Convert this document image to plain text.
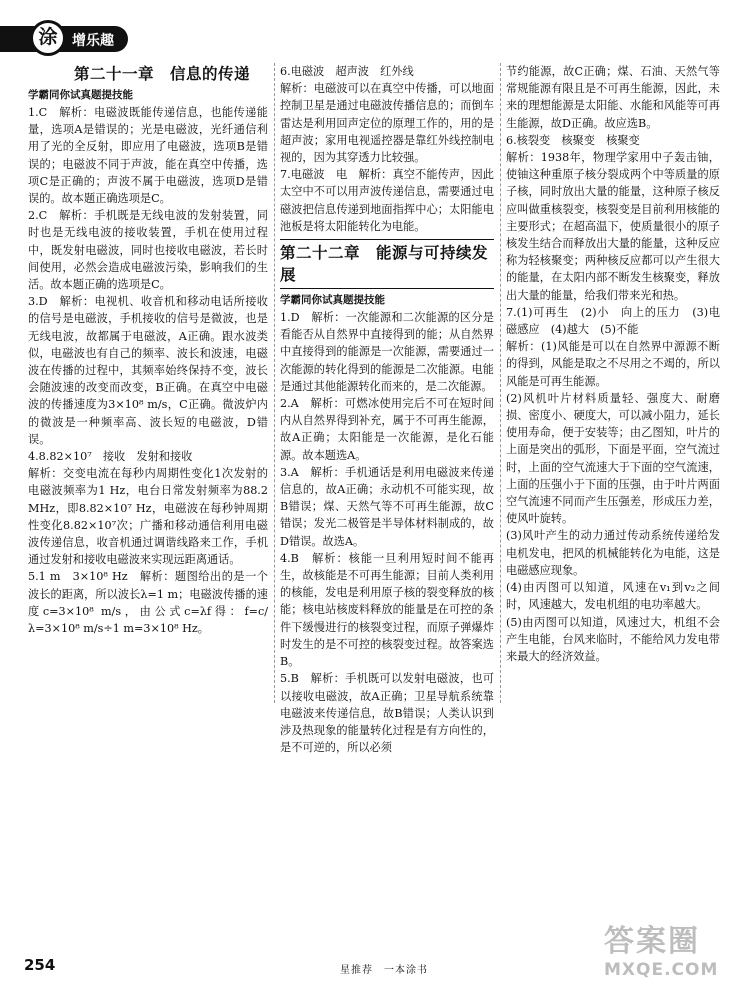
涂	增乐趣
第二十一章　信息的传递
学霸同你试真题提技能

1.C　解析：电磁波既能传递信息，也能传递能量，选项A是错误的；光是电磁波，光纤通信利用了光的全反射，即应用了电磁波，选项B是错误的；电磁波不同于声波，能在真空中传播，选项C是正确的；声波不属于电磁波，选项D是错误的。故本题正确选项是C。

2.C　解析：手机既是无线电波的发射装置，同时也是无线电波的接收装置，手机在使用过程中，既发射电磁波，同时也接收电磁波，若长时间使用，必然会造成电磁波污染，影响我们的生活。故本题正确的选项是C。

3.D　解析：电视机、收音机和移动电话所接收的信号是电磁波，手机接收的信号是微波，也是无线电波，故都属于电磁波，A正确。跟水波类似，电磁波也有自己的频率、波长和波速，电磁波在传播的过程中，其频率始终保持不变，波长会随波速的改变而改变，B正确。在真空中电磁波的传播速度为3×10⁸ m/s，C正确。微波炉内的微波是一种频率高、波长短的电磁波，D错误。

4.8.82×10⁷　接收　发射和接收

解析：交变电流在每秒内周期性变化1次发射的电磁波频率为1 Hz，电台日常发射频率为88.2 MHz，即8.82×10⁷ Hz，电磁波在每秒钟周期性变化8.82×10⁷次；广播和移动通信利用电磁波传递信息，收音机通过调谐线路来工作，手机通过发射和接收电磁波来实现远距离通话。

5.1 m　3×10⁸ Hz　解析：题图给出的是一个波长的距离，所以波长λ=1 m；电磁波传播的速度c=3×10⁸ m/s，由公式c=λf得：f=c/λ=3×10⁸ m/s÷1 m=3×10⁸ Hz。

6.电磁波　超声波　红外线

解析：电磁波可以在真空中传播，可以地面控制卫星是通过电磁波传播信息的；而倒车雷达是利用回声定位的原理工作的，用的是超声波；家用电视遥控器是靠红外线控制电视的，因为其穿透力比较强。

7.电磁波　电　解析：真空不能传声，因此太空中不可以用声波传递信息，需要通过电磁波把信息传递到地面指挥中心；太阳能电池板是将太阳能转化为电能。

第二十二章　能源与可持续发展
学霸同你试真题提技能

1.D　解析：一次能源和二次能源的区分是看能否从自然界中直接得到的能；从自然界中直接得到的能源是一次能源，需要通过一次能源的转化得到的能源是二次能源。电能是通过其他能源转化而来的，是二次能源。

2.A　解析：可燃冰使用完后不可在短时间内从自然界得到补充，属于不可再生能源，故A正确；太阳能是一次能源，是化石能源。故本题选A。

3.A　解析：手机通话是利用电磁波来传递信息的，故A正确；永动机不可能实现，故B错误；煤、天然气等不可再生能源，故C错误；发光二极管是半导体材料制成的，故D错误。故选A。

4.B　解析：核能一旦利用短时间不能再生，故核能是不可再生能源；目前人类利用的核能，发电是利用原子核的裂变释放的核能；核电站核废料释放的能量是在可控的条件下缓慢进行的核裂变过程，而原子弹爆炸时发生的是不可控的核裂变过程。故答案选B。

5.B　解析：手机既可以发射电磁波，也可以接收电磁波，故A正确；卫星导航系统靠电磁波来传递信息，故B错误；人类认识到涉及热现象的能量转化过程是有方向性的，是不可逆的，所以必须

节约能源，故C正确；煤、石油、天然气等常规能源有限且是不可再生能源，因此，未来的理想能源是太阳能、水能和风能等可再生能源，故D正确。故应选B。

6.核裂变　核聚变　核聚变

解析：1938年，物理学家用中子轰击铀，使铀这种重原子核分裂成两个中等质量的原子核，同时放出大量的能量，这种原子核反应叫做重核裂变，核裂变是目前利用核能的主要形式；在超高温下，使质量很小的原子核发生结合而释放出大量的能量，这种反应称为轻核聚变；两种核反应都可以产生很大的能量，在太阳内部不断发生核聚变，释放出大量的能量，给我们带来光和热。

7.(1)可再生　(2)小　向上的压力　(3)电磁感应　(4)越大　(5)不能

解析：(1)风能是可以在自然界中源源不断的得到，风能是取之不尽用之不竭的，所以风能是可再生能源。

(2)风机叶片材料质量轻、强度大、耐磨损、密度小、硬度大，可以减小阻力，延长使用寿命，便于安装等；由乙图知，叶片的上面是突出的弧形，下面是平面，空气流过时，上面的空气流速大于下面的空气流速，上面的压强小于下面的压强，由于叶片两面空气流速不同而产生压强差，形成压力差，使风叶旋转。

(3)风叶产生的动力通过传动系统传递给发电机发电，把风的机械能转化为电能，这是电磁感应现象。

(4)由丙图可以知道，风速在v₁到v₂之间时，风速越大，发电机组的电功率越大。

(5)由丙图可以知道，风速过大，机组不会产生电能，台风来临时，不能给风力发电带来最大的经济效益。

254	星推荐　一本涂书
答案圈
MXQE.COM
